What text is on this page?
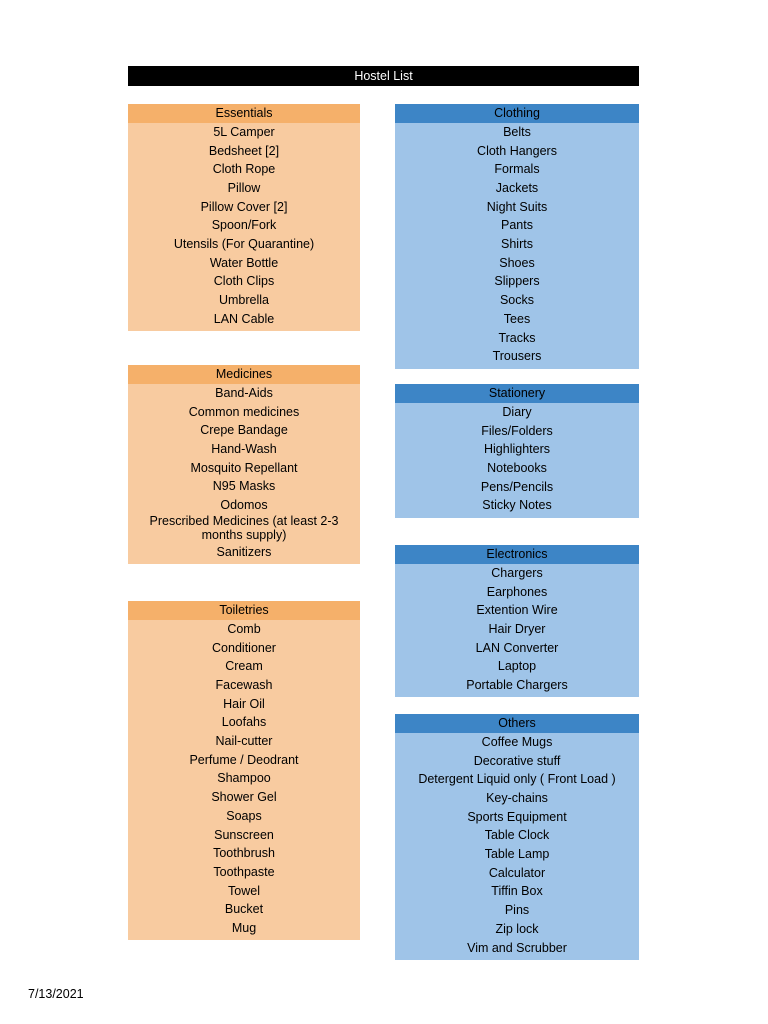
Hostel List
Essentials
5L Camper
Bedsheet [2]
Cloth Rope
Pillow
Pillow Cover [2]
Spoon/Fork
Utensils (For Quarantine)
Water Bottle
Cloth Clips
Umbrella
LAN Cable
Medicines
Band-Aids
Common medicines
Crepe Bandage
Hand-Wash
Mosquito Repellant
N95 Masks
Odomos
Prescribed Medicines (at least 2-3 months supply)
Sanitizers
Toiletries
Comb
Conditioner
Cream
Facewash
Hair Oil
Loofahs
Nail-cutter
Perfume / Deodrant
Shampoo
Shower Gel
Soaps
Sunscreen
Toothbrush
Toothpaste
Towel
Bucket
Mug
Clothing
Belts
Cloth Hangers
Formals
Jackets
Night Suits
Pants
Shirts
Shoes
Slippers
Socks
Tees
Tracks
Trousers
Stationery
Diary
Files/Folders
Highlighters
Notebooks
Pens/Pencils
Sticky Notes
Electronics
Chargers
Earphones
Extention Wire
Hair Dryer
LAN Converter
Laptop
Portable Chargers
Others
Coffee Mugs
Decorative stuff
Detergent Liquid only ( Front Load )
Key-chains
Sports Equipment
Table Clock
Table Lamp
Calculator
Tiffin Box
Pins
Zip lock
Vim and Scrubber
7/13/2021
